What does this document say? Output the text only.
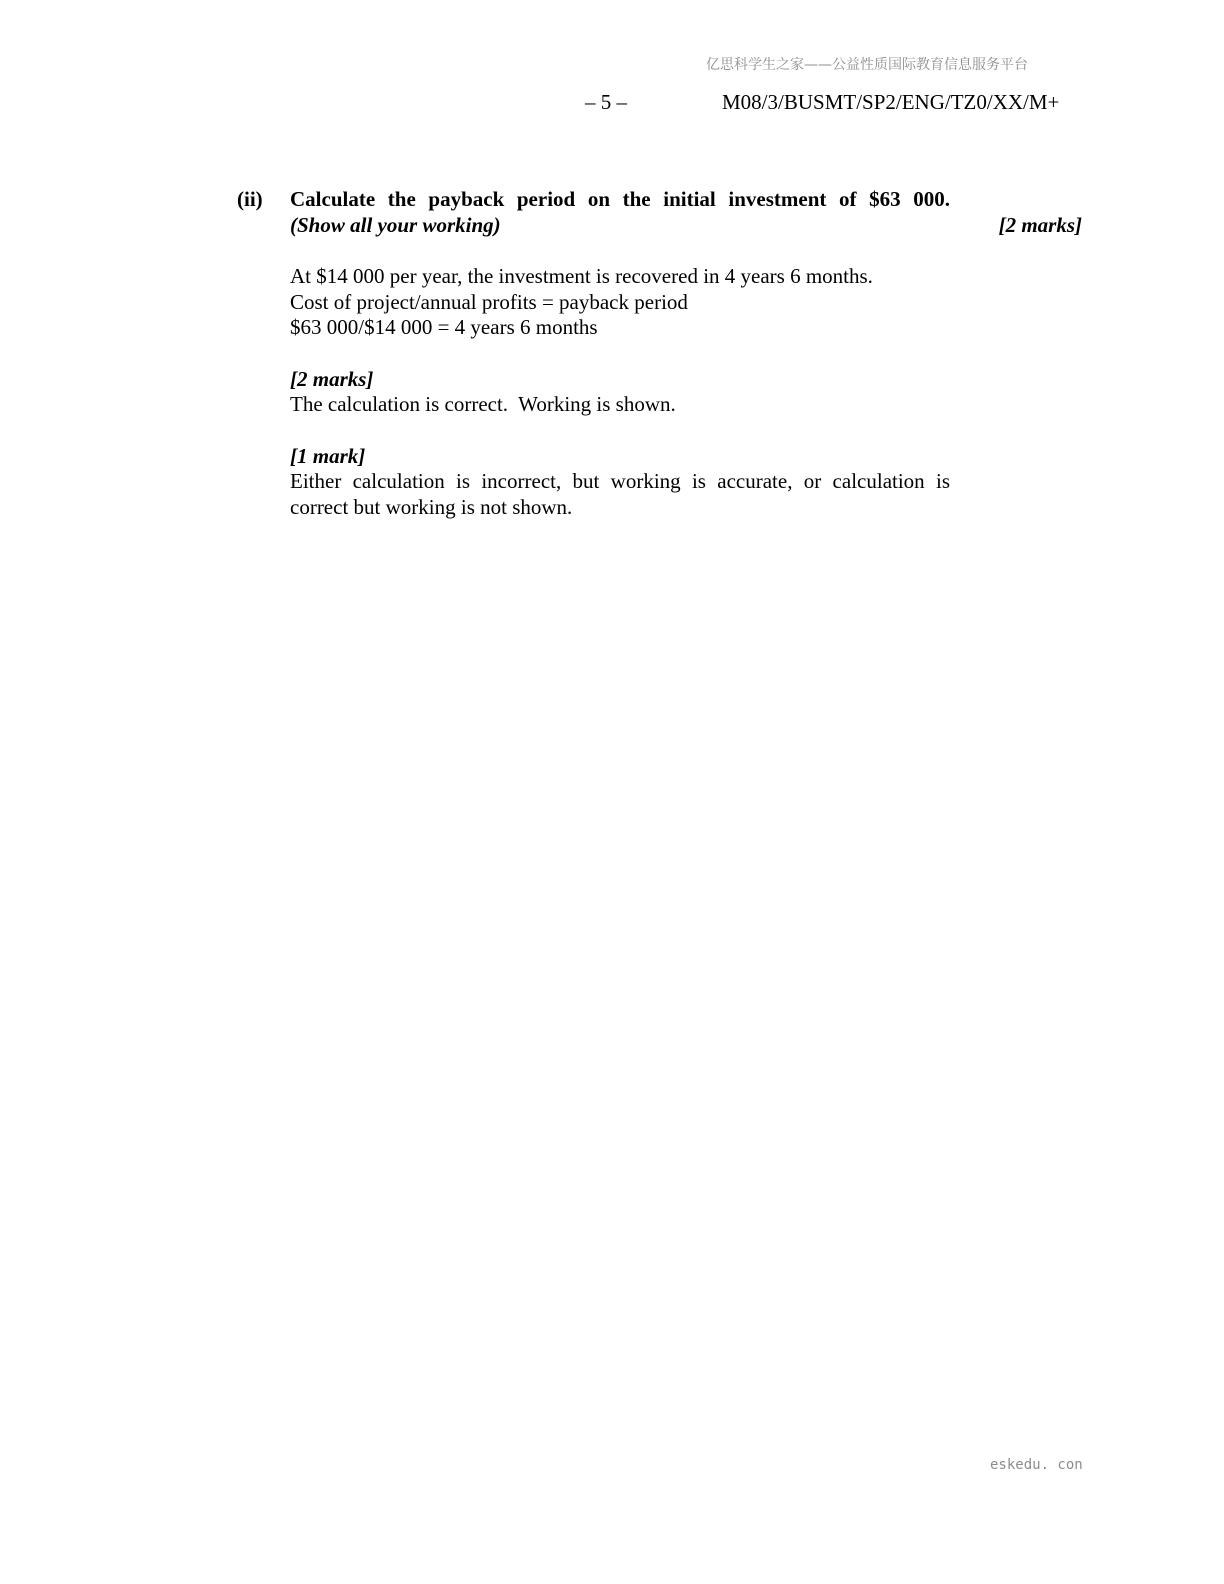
亿思科学生之家——公益性质国际教育信息服务平台
– 5 –	M08/3/BUSMT/SP2/ENG/TZ0/XX/M+
(ii) Calculate the payback period on the initial investment of $63 000.
(Show all your working)	[2 marks]
At $14 000 per year, the investment is recovered in 4 years 6 months.
Cost of project/annual profits = payback period
$63 000/$14 000 = 4 years 6 months
[2 marks]
The calculation is correct.  Working is shown.
[1 mark]
Either calculation is incorrect, but working is accurate, or calculation is
correct but working is not shown.
eskedu. con
